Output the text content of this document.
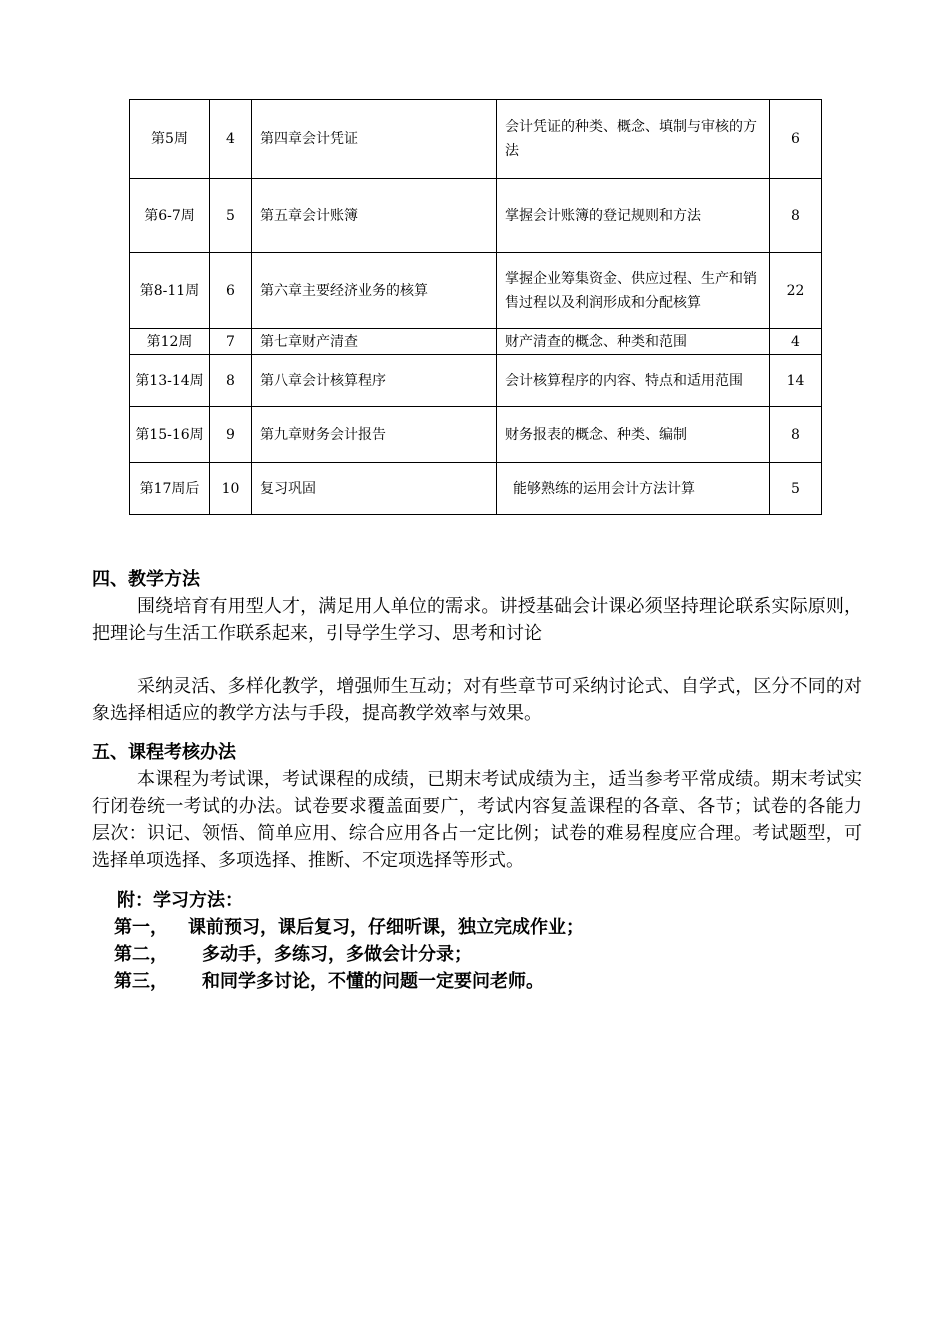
第5周	4	第四章会计凭证	会计凭证的种类、概念、填制与审核的方法	6
第6-7周	5	第五章会计账簿	掌握会计账簿的登记规则和方法	8
第8-11周	6	第六章主要经济业务的核算	掌握企业筹集资金、供应过程、生产和销售过程以及利润形成和分配核算	22
第12周	7	第七章财产清查	财产清查的概念、种类和范围	4
第13-14周	8	第八章会计核算程序	会计核算程序的内容、特点和适用范围	14
第15-16周	9	第九章财务会计报告	财务报表的概念、种类、编制	8
第17周后	10	复习巩固	能够熟练的运用会计方法计算	5
四、教学方法

围绕培育有用型人才，满足用人单位的需求。讲授基础会计课必须坚持理论联系实际原则，把理论与生活工作联系起来，引导学生学习、思考和讨论

采纳灵活、多样化教学，增强师生互动；对有些章节可采纳讨论式、自学式，区分不同的对象选择相适应的教学方法与手段，提高教学效率与效果。

五、课程考核办法

本课程为考试课，考试课程的成绩，已期末考试成绩为主，适当参考平常成绩。期末考试实行闭卷统一考试的办法。试卷要求覆盖面要广，考试内容复盖课程的各章、各节；试卷的各能力层次：识记、领悟、简单应用、综合应用各占一定比例；试卷的难易程度应合理。考试题型，可选择单项选择、多项选择、推断、不定项选择等形式。

附：学习方法：
第一， 课前预习，课后复习，仔细听课，独立完成作业；
第二， 多动手，多练习，多做会计分录；
第三， 和同学多讨论，不懂的问题一定要问老师。
